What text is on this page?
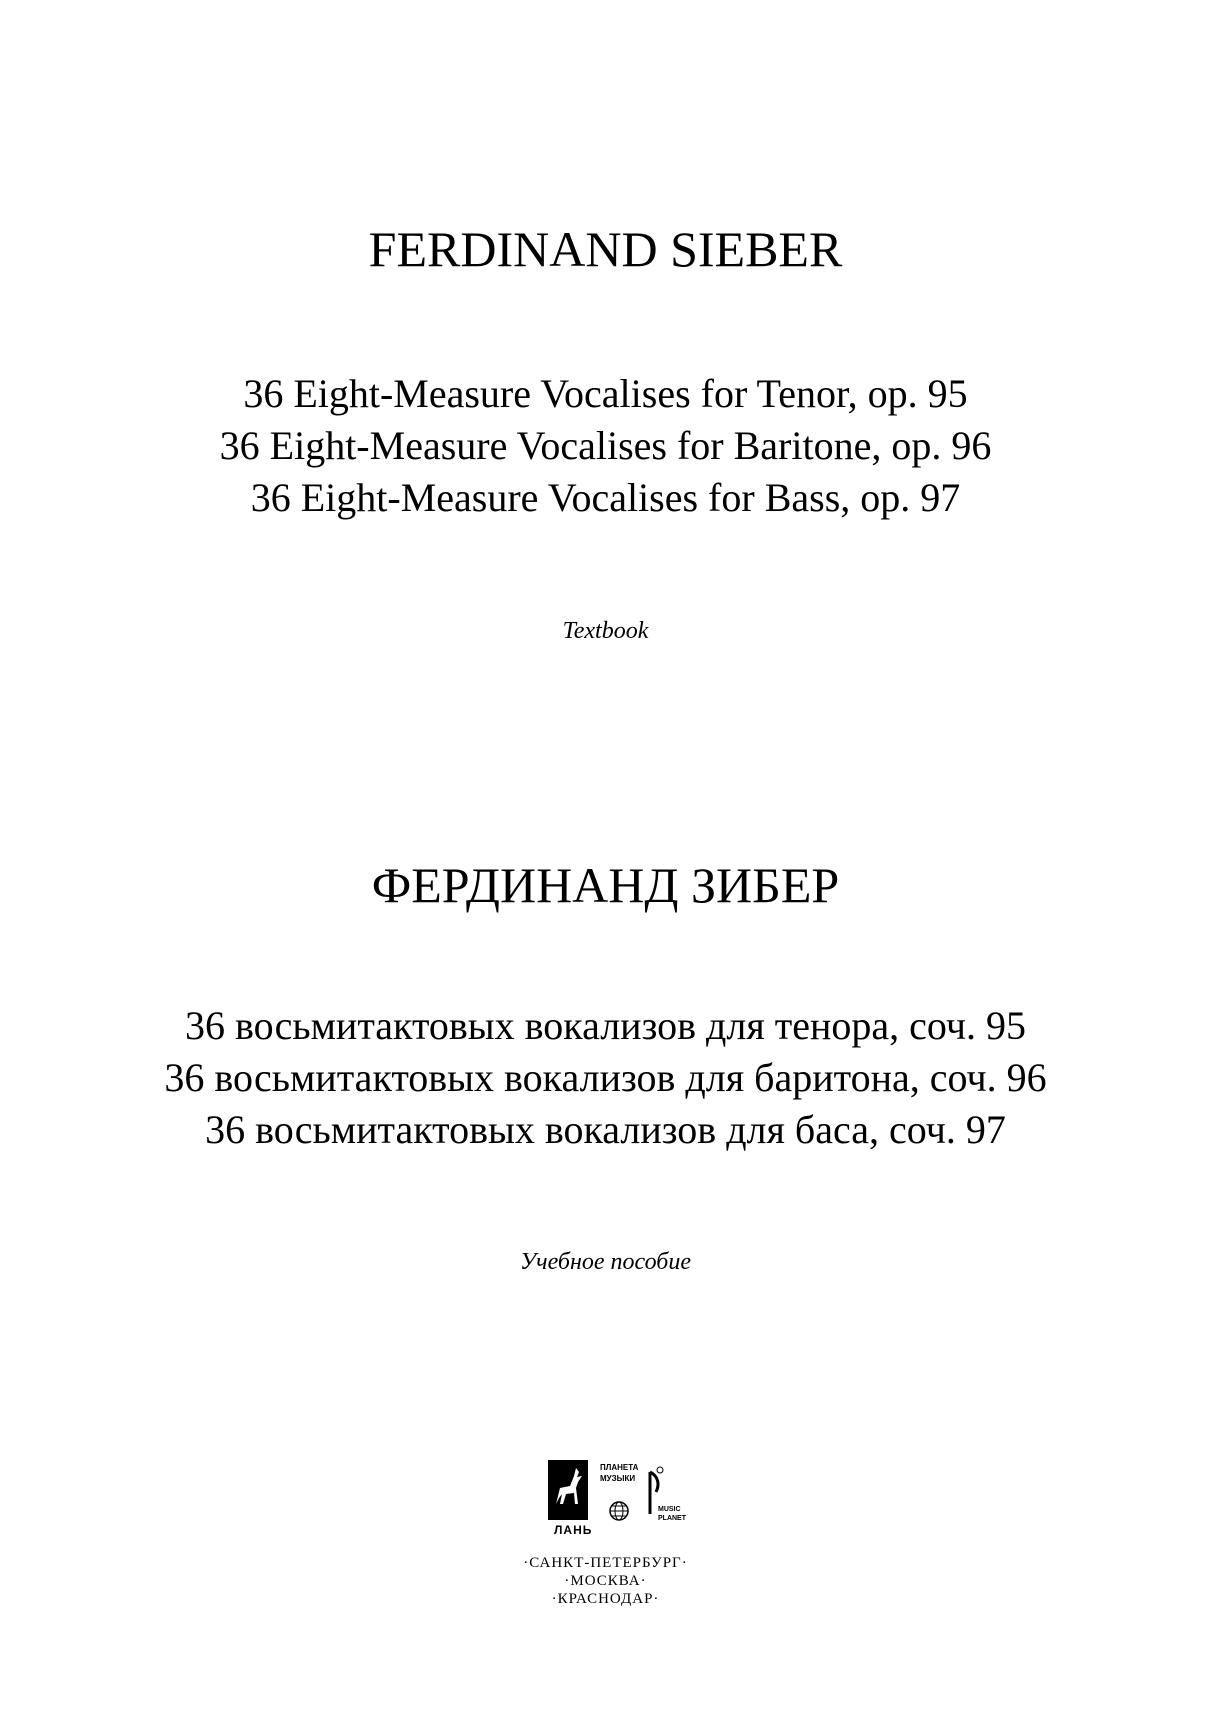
FERDINAND SIEBER
36 Eight-Measure Vocalises for Tenor, op. 95
36 Eight-Measure Vocalises for Baritone, op. 96
36 Eight-Measure Vocalises for Bass, op. 97
Textbook
ФЕРДИНАНД ЗИБЕР
36 восьмитактовых вокализов для тенора, соч. 95
36 восьмитактовых вокализов для баритона, соч. 96
36 восьмитактовых вокализов для баса, соч. 97
Учебное пособие
ЛАНЬ
ПЛАНЕТА
МУЗЫКИ
MUSIC
PLANET
·САНКТ-ПЕТЕРБУРГ·
·МОСКВА·
·КРАСНОДАР·
